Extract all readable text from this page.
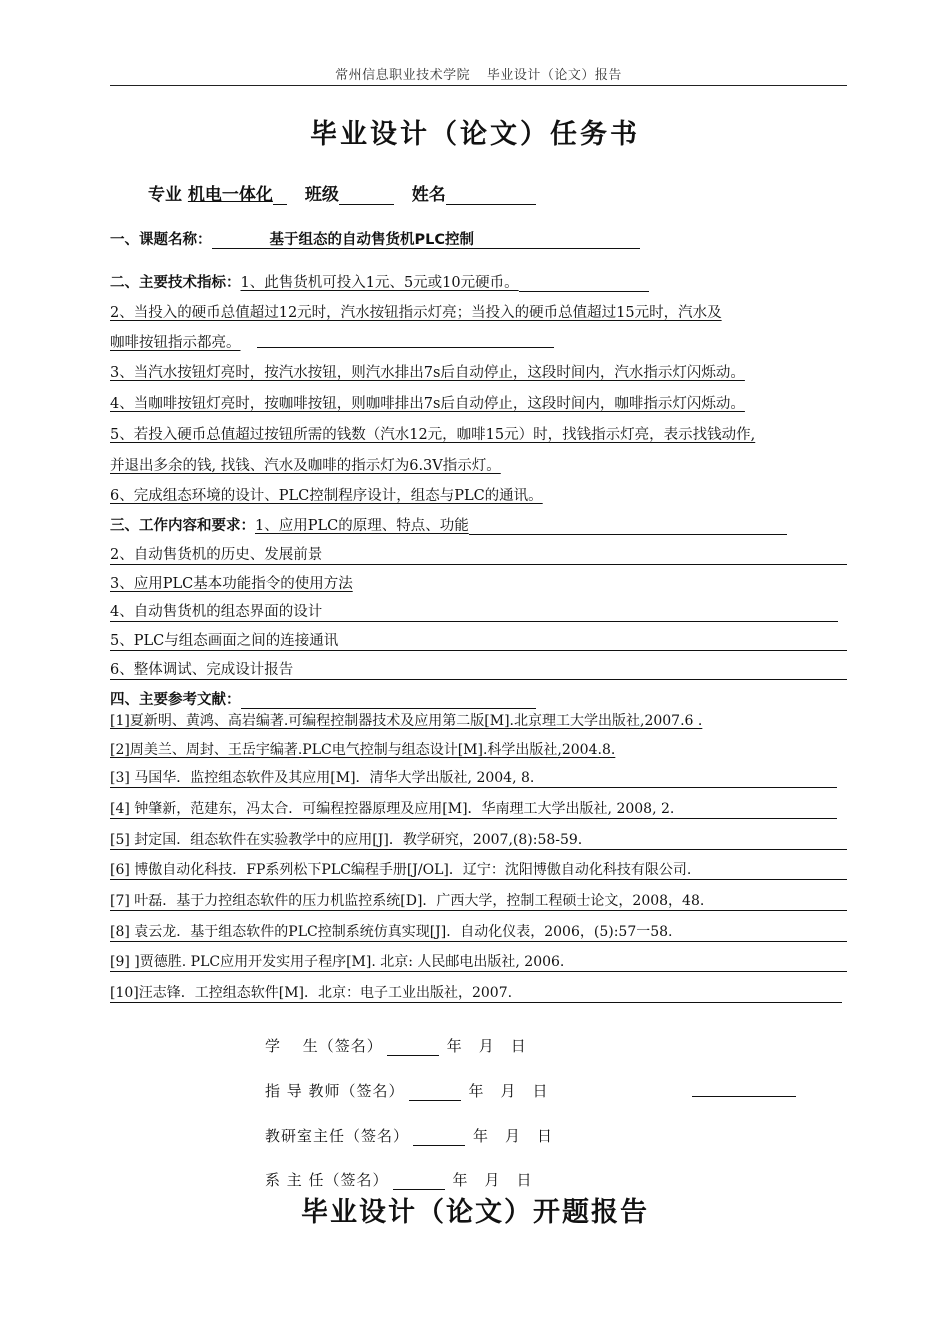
常州信息职业技术学院 毕业设计（论文）报告
毕业设计（论文）任务书
专业 机电一体化 班级	姓名
一、课题名称：	基于组态的自动售货机PLC控制
二、主要技术指标：1、此售货机可投入1元、5元或10元硬币。
2、当投入的硬币总值超过12元时，汽水按钮指示灯亮；当投入的硬币总值超过15元时，汽水及
咖啡按钮指示都亮。
3、当汽水按钮灯亮时，按汽水按钮，则汽水排出7s后自动停止，这段时间内，汽水指示灯闪烁动。
4、当咖啡按钮灯亮时，按咖啡按钮，则咖啡排出7s后自动停止，这段时间内，咖啡指示灯闪烁动。
5、若投入硬币总值超过按钮所需的钱数（汽水12元，咖啡15元）时，找钱指示灯亮，表示找钱动作,
并退出多余的钱, 找钱、汽水及咖啡的指示灯为6.3V指示灯。
6、完成组态环境的设计、PLC控制程序设计，组态与PLC的通讯。
三、工作内容和要求：1、应用PLC的原理、特点、功能
2、自动售货机的历史、发展前景
3、应用PLC基本功能指令的使用方法
4、自动售货机的组态界面的设计
5、PLC与组态画面之间的连接通讯
6、整体调试、完成设计报告
四、主要参考文献：
[1]夏新明、黄鸿、高岩编著.可编程控制器技术及应用第二版[M].北京理工大学出版社,2007.6 .
[2]周美兰、周封、王岳宇编著.PLC电气控制与组态设计[M].科学出版社,2004.8.
[3] 马国华．监控组态软件及其应用[M]．清华大学出版社, 2004, 8.
[4] 钟肇新，范建东，冯太合．可编程控器原理及应用[M]．华南理工大学出版社, 2008, 2.
[5] 封定国．组态软件在实验教学中的应用[J]．教学研究，2007,(8):58-59.
[6] 博傲自动化科技．FP系列松下PLC编程手册[J/OL]．辽宁：沈阳博傲自动化科技有限公司.
[7] 叶磊．基于力控组态软件的压力机监控系统[D]．广西大学，控制工程硕士论文，2008，48.
[8] 袁云龙．基于组态软件的PLC控制系统仿真实现[J]．自动化仪表，2006，(5):57一58.
[9] ]贾德胜. PLC应用开发实用子程序[M]. 北京: 人民邮电出版社, 2006.
[10]汪志锋．工控组态软件[M]．北京：电子工业出版社，2007.
学　 生（签名）	年　月　日
指 导 教师（签名）	年　月　日
教研室主任（签名）	年　月　日
系 主 任（签名）	年　月　日
毕业设计（论文）开题报告
